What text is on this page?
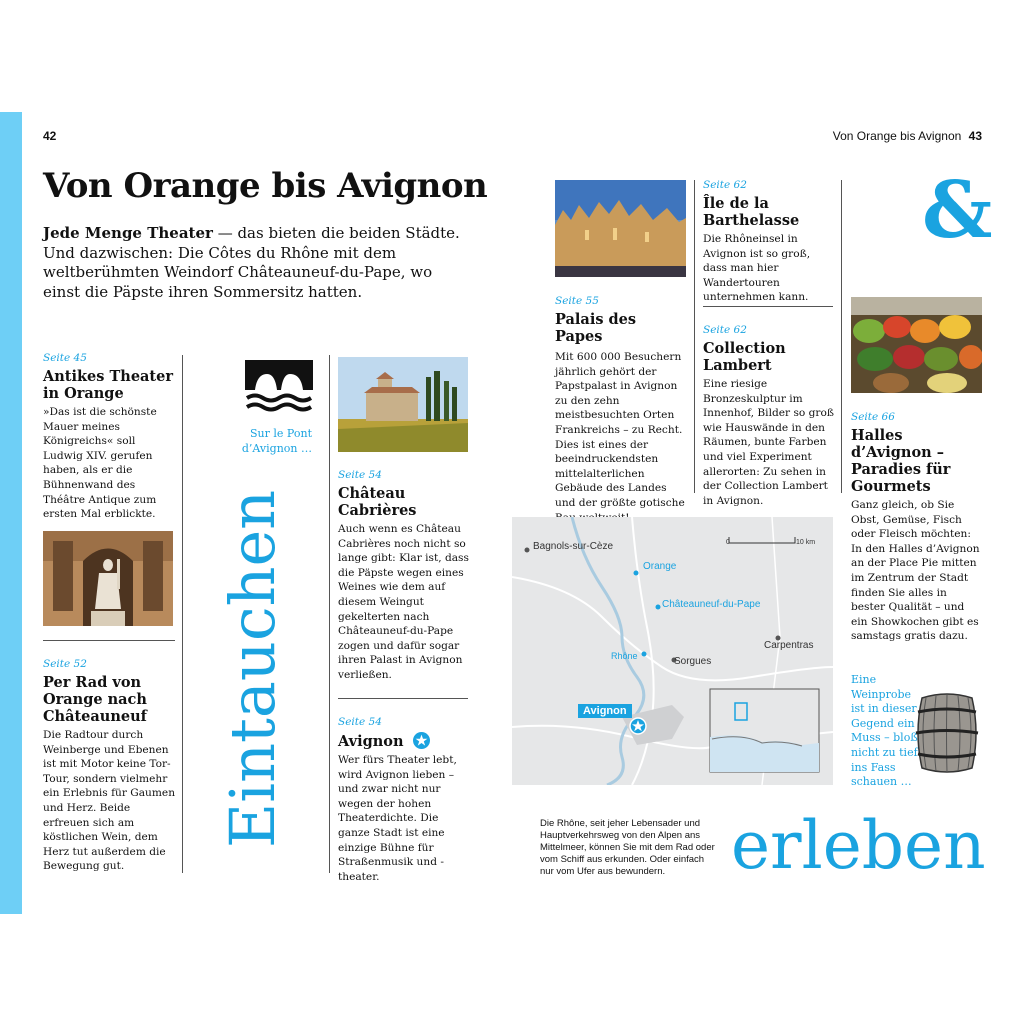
42	Von Orange bis Avignon 43
Von Orange bis Avignon
Jede Menge Theater — das bieten die beiden Städte. Und dazwischen: Die Côtes du Rhône mit dem weltberühmten Weindorf Châteauneuf-du-Pape, wo einst die Päpste ihren Sommersitz hatten.
Seite 45
Antikes Theater in Orange
»Das ist die schönste Mauer meines Königreichs« soll Ludwig XIV. gerufen haben, als er die Bühnenwand des Théâtre Antique zum ersten Mal erblickte.
Seite 52
Per Rad von Orange nach Châteauneuf
Die Radtour durch Weinberge und Ebenen ist mit Motor keine Tor-Tour, sondern vielmehr ein Erlebnis für Gaumen und Herz. Beide erfreuen sich am köstlichen Wein, dem Herz tut außerdem die Bewegung gut.
Sur le Pont d’Avignon …
Eintauchen
Seite 54
Château Cabrières
Auch wenn es Château Cabrières noch nicht so lange gibt: Klar ist, dass die Päpste wegen eines Weines wie dem auf diesem Weingut gekelterten nach Châteauneuf-du-Pape zogen und dafür sogar ihren Palast in Avignon verließen.
Seite 54
Avignon
Wer fürs Theater lebt, wird Avignon lieben – und zwar nicht nur wegen der hohen Theaterdichte. Die ganze Stadt ist eine einzige Bühne für Straßenmusik und -theater.
Seite 55
Palais des Papes
Mit 600 000 Besuchern jährlich gehört der Papstpalast in Avignon zu den zehn meistbesuchten Orten Frankreichs – zu Recht. Dies ist eines der beeindruckendsten mittelalterlichen Gebäude des Landes und der größte gotische
Seite 62
Île de la Barthelasse
Die Rhôneinsel in Avignon ist so groß, dass man hier Wandertouren unternehmen kann.
Seite 62
Collection Lambert
Eine riesige Bronzeskulptur im Innenhof, Bilder so groß wie Hauswände in den Räumen, bunte Farben und viel Experiment allerorten: Zu sehen in der Collection Lambert in Avignon.
&
Seite 66
Halles d’Avignon – Paradies für Gourmets
Ganz gleich, ob Sie Obst, Gemüse, Fisch oder Fleisch möchten: In den Halles d’Avignon an der Place Pie mitten im Zentrum der Stadt finden Sie alles in bester Qualität – und ein Showkochen gibt es samstags gratis dazu.
Eine Weinprobe ist in dieser Gegend ein Muss – bloß nicht zu tief ins Fass schauen …
Bagnols-sur-Cèze
Orange
Châteauneuf-du-Pape
Rhône	Sorgues
Carpentras
Avignon
0	10 km
Die Rhône, seit jeher Lebensader und Hauptverkehrsweg von den Alpen ans Mittelmeer, können Sie mit dem Rad oder vom Schiff aus erkunden. Oder einfach nur vom Ufer aus bewundern. erleben
